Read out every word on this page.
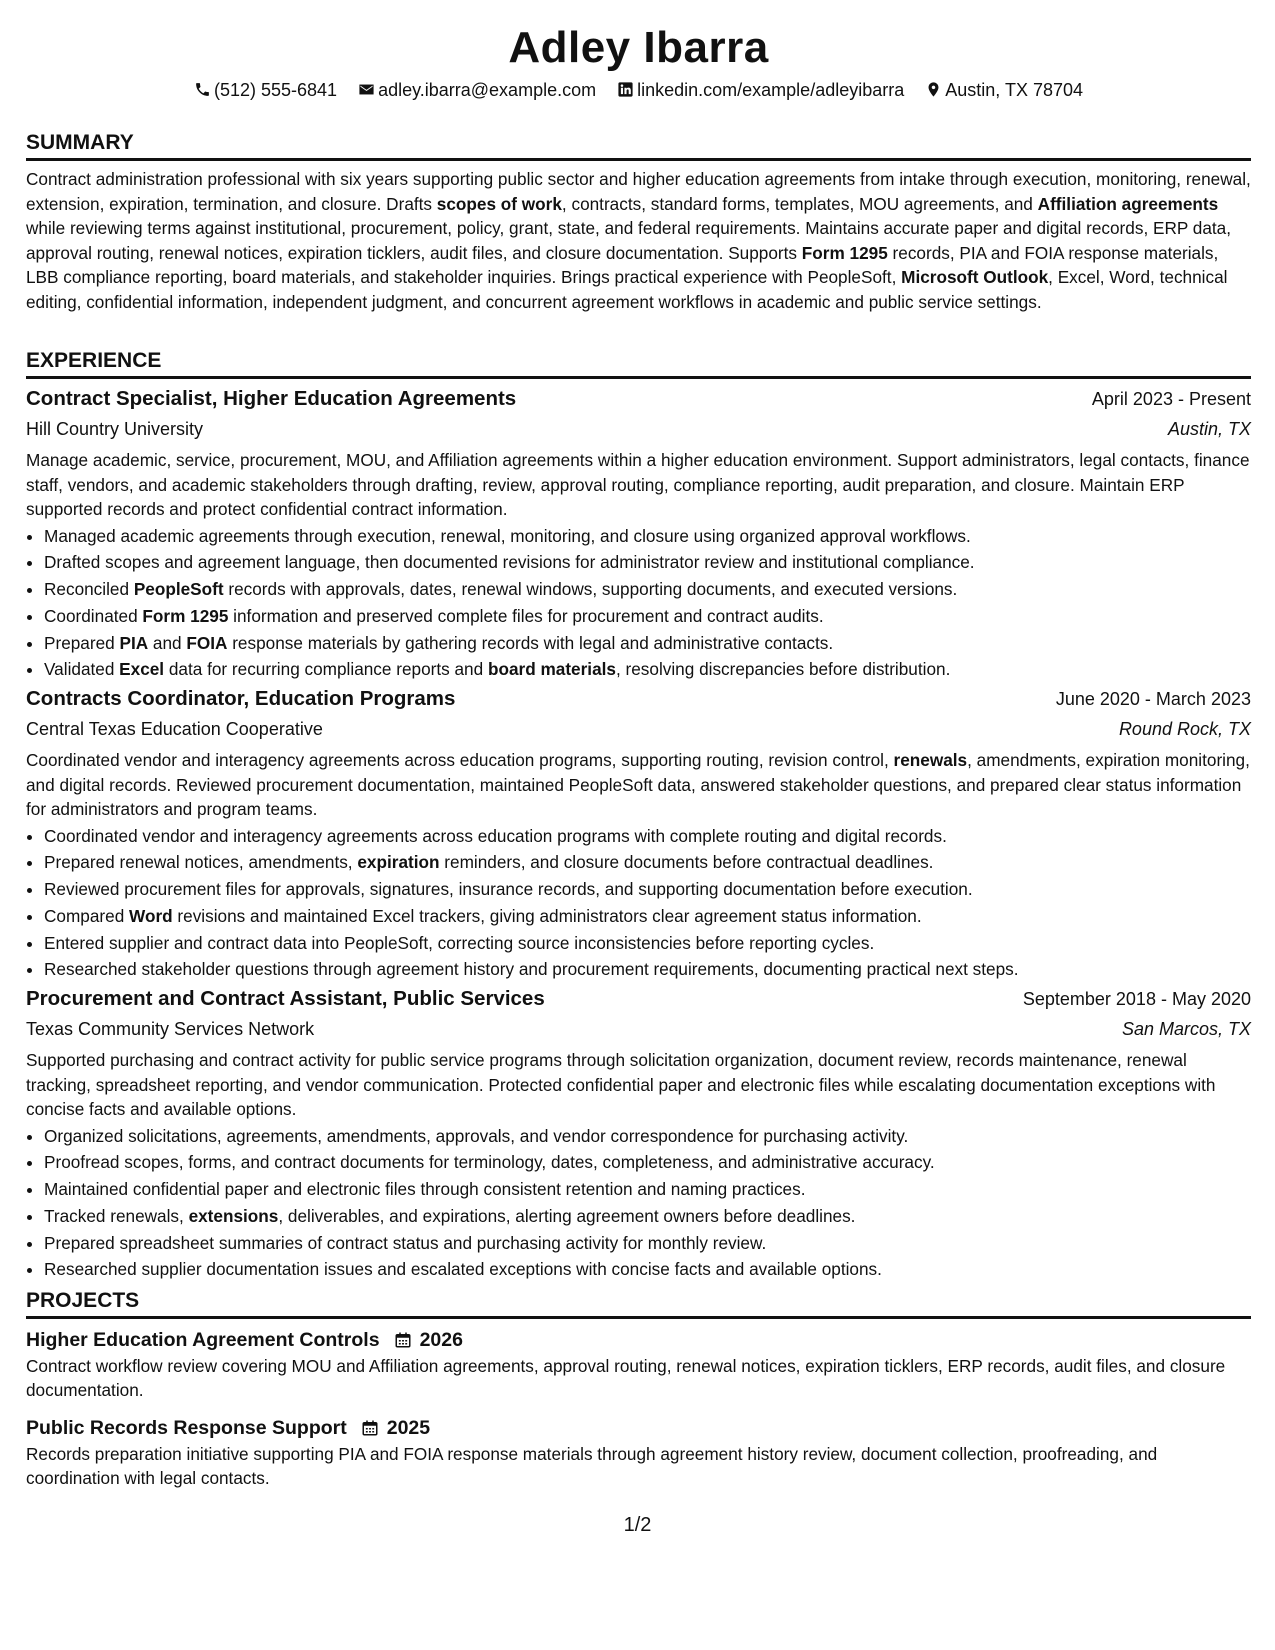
Adley Ibarra
(512) 555-6841 adley.ibarra@example.com linkedin.com/example/adleyibarra Austin, TX 78704
SUMMARY

Contract administration professional with six years supporting public sector and higher education agreements from intake through execution, monitoring, renewal, extension, expiration, termination, and closure. Drafts scopes of work, contracts, standard forms, templates, MOU agreements, and Affiliation agreements while reviewing terms against institutional, procurement, policy, grant, state, and federal requirements. Maintains accurate paper and digital records, ERP data, approval routing, renewal notices, expiration ticklers, audit files, and closure documentation. Supports Form 1295 records, PIA and FOIA response materials, LBB compliance reporting, board materials, and stakeholder inquiries. Brings practical experience with PeopleSoft, Microsoft Outlook, Excel, Word, technical editing, confidential information, independent judgment, and concurrent agreement workflows in academic and public service settings.

EXPERIENCE
Contract Specialist, Higher Education Agreements	April 2023 - Present
Hill Country University	Austin, TX
Manage academic, service, procurement, MOU, and Affiliation agreements within a higher education environment. Support administrators, legal contacts, finance staff, vendors, and academic stakeholders through drafting, review, approval routing, compliance reporting, audit preparation, and closure. Maintain ERP supported records and protect confidential contract information.
• Managed academic agreements through execution, renewal, monitoring, and closure using organized approval workflows.
• Drafted scopes and agreement language, then documented revisions for administrator review and institutional compliance.
• Reconciled PeopleSoft records with approvals, dates, renewal windows, supporting documents, and executed versions.
• Coordinated Form 1295 information and preserved complete files for procurement and contract audits.
• Prepared PIA and FOIA response materials by gathering records with legal and administrative contacts.
• Validated Excel data for recurring compliance reports and board materials, resolving discrepancies before distribution.
Contracts Coordinator, Education Programs	June 2020 - March 2023
Central Texas Education Cooperative	Round Rock, TX
Coordinated vendor and interagency agreements across education programs, supporting routing, revision control, renewals, amendments, expiration monitoring, and digital records. Reviewed procurement documentation, maintained PeopleSoft data, answered stakeholder questions, and prepared clear status information for administrators and program teams.
• Coordinated vendor and interagency agreements across education programs with complete routing and digital records.
• Prepared renewal notices, amendments, expiration reminders, and closure documents before contractual deadlines.
• Reviewed procurement files for approvals, signatures, insurance records, and supporting documentation before execution.
• Compared Word revisions and maintained Excel trackers, giving administrators clear agreement status information.
• Entered supplier and contract data into PeopleSoft, correcting source inconsistencies before reporting cycles.
• Researched stakeholder questions through agreement history and procurement requirements, documenting practical next steps.
Procurement and Contract Assistant, Public Services	September 2018 - May 2020
Texas Community Services Network	San Marcos, TX
Supported purchasing and contract activity for public service programs through solicitation organization, document review, records maintenance, renewal tracking, spreadsheet reporting, and vendor communication. Protected confidential paper and electronic files while escalating documentation exceptions with concise facts and available options.
• Organized solicitations, agreements, amendments, approvals, and vendor correspondence for purchasing activity.
• Proofread scopes, forms, and contract documents for terminology, dates, completeness, and administrative accuracy.
• Maintained confidential paper and electronic files through consistent retention and naming practices.
• Tracked renewals, extensions, deliverables, and expirations, alerting agreement owners before deadlines.
• Prepared spreadsheet summaries of contract status and purchasing activity for monthly review.
• Researched supplier documentation issues and escalated exceptions with concise facts and available options.
PROJECTS
Higher Education Agreement Controls 2026
Contract workflow review covering MOU and Affiliation agreements, approval routing, renewal notices, expiration ticklers, ERP records, audit files, and closure documentation.
Public Records Response Support 2025
Records preparation initiative supporting PIA and FOIA response materials through agreement history review, document collection, proofreading, and coordination with legal contacts.
1/2
